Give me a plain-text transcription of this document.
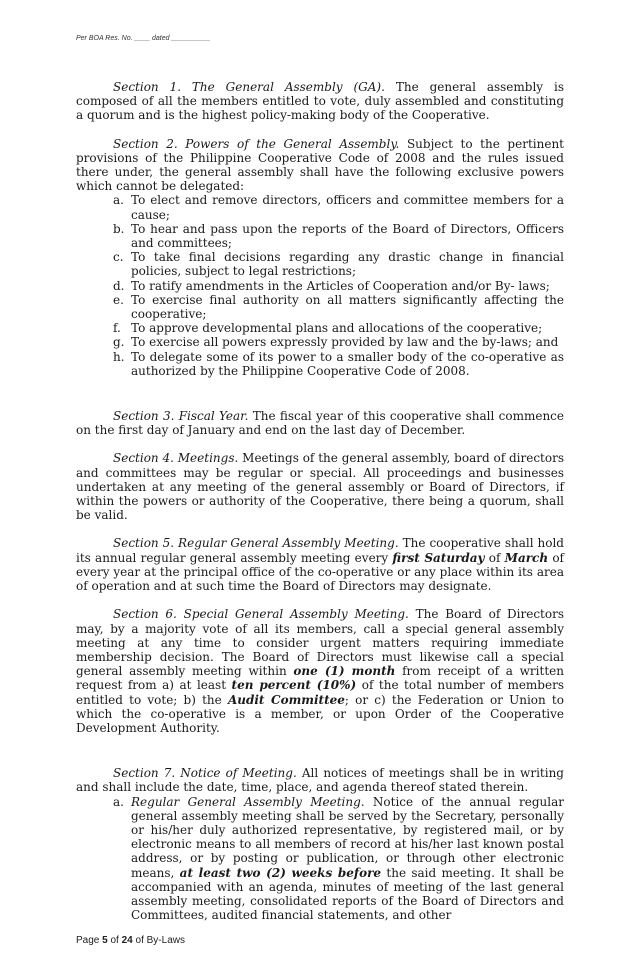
Per BOA Res. No. ____ dated __________

Section 1. The General Assembly (GA). The general assembly is composed of all the members entitled to vote, duly assembled and constituting a quorum and is the highest policy-making body of the Cooperative.

Section 2. Powers of the General Assembly. Subject to the pertinent provisions of the Philippine Cooperative Code of 2008 and the rules issued there under, the general assembly shall have the following exclusive powers which cannot be delegated:

a. To elect and remove directors, officers and committee members for a cause;
b. To hear and pass upon the reports of the Board of Directors, Officers and committees;
c. To take final decisions regarding any drastic change in financial policies, subject to legal restrictions;
d. To ratify amendments in the Articles of Cooperation and/or By- laws;
e. To exercise final authority on all matters significantly affecting the cooperative;
f. To approve developmental plans and allocations of the cooperative;
g. To exercise all powers expressly provided by law and the by-laws; and
h. To delegate some of its power to a smaller body of the co-operative as authorized by the Philippine Cooperative Code of 2008.

Section 3. Fiscal Year. The fiscal year of this cooperative shall commence on the first day of January and end on the last day of December.

Section 4. Meetings. Meetings of the general assembly, board of directors and committees may be regular or special. All proceedings and businesses undertaken at any meeting of the general assembly or Board of Directors, if within the powers or authority of the Cooperative, there being a quorum, shall be valid.

Section 5. Regular General Assembly Meeting. The cooperative shall hold its annual regular general assembly meeting every first Saturday of March of every year at the principal office of the co-operative or any place within its area of operation and at such time the Board of Directors may designate.

Section 6. Special General Assembly Meeting. The Board of Directors may, by a majority vote of all its members, call a special general assembly meeting at any time to consider urgent matters requiring immediate membership decision. The Board of Directors must likewise call a special general assembly meeting within one (1) month from receipt of a written request from a) at least ten percent (10%) of the total number of members entitled to vote; b) the Audit Committee; or c) the Federation or Union to which the co-operative is a member, or upon Order of the Cooperative Development Authority.

Section 7. Notice of Meeting. All notices of meetings shall be in writing and shall include the date, time, place, and agenda thereof stated therein.

a. Regular General Assembly Meeting. Notice of the annual regular general assembly meeting shall be served by the Secretary, personally or his/her duly authorized representative, by registered mail, or by electronic means to all members of record at his/her last known postal address, or by posting or publication, or through other electronic means, at least two (2) weeks before the said meeting. It shall be accompanied with an agenda, minutes of meeting of the last general assembly meeting, consolidated reports of the Board of Directors and Committees, audited financial statements, and other
Page 5 of 24 of By-Laws
